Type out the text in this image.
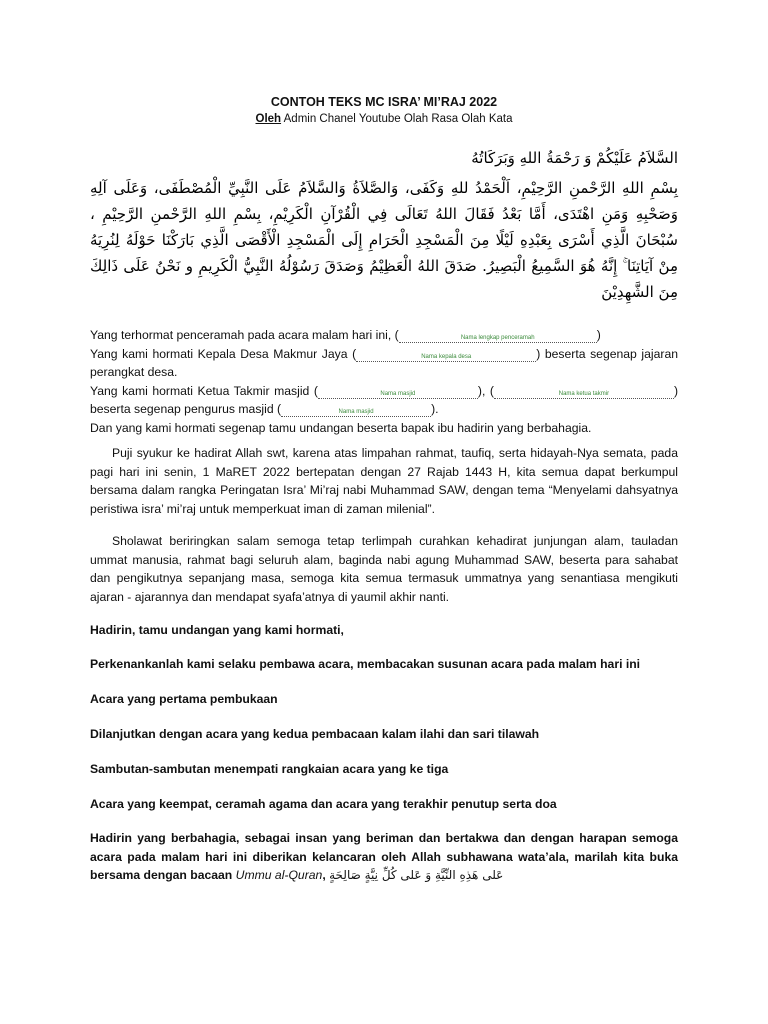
CONTOH TEKS MC ISRA’ MI’RAJ 2022
Oleh Admin Chanel Youtube Olah Rasa Olah Kata
السَّلاَمُ عَلَيْكُمْ وَ رَحْمَةُ اللهِ وَبَرَكَاتُهُ
بِسْمِ اللهِ الرَّحْمنِ الرَّحِيْمِ، اَلْحَمْدُ للهِ وَكَفَى، وَالصَّلاَةُ وَالسَّلاَمُ عَلَى النَّبِيِّ الْمُصْطَفَى، وَعَلَى آلِهِ وَصَحْبِهِ وَمَنِ اهْتَدَى، أَمَّا بَعْدُ فَقَالَ اللهُ تَعَالَى فِي الْقُرْآنِ الْكَرِيْمِ، بِسْمِ اللهِ الرَّحْمنِ الرَّحِيْمِ ، سُبْحَانَ الَّذِي أَسْرَى بِعَبْدِهِ لَيْلًا مِنَ الْمَسْجِدِ الْحَرَامِ إِلَى الْمَسْجِدِ الْأَقْصَى الَّذِي بَارَكْنَا حَوْلَهُ لِنُرِيَهُ مِنْ آيَاتِنَا ۚ إِنَّهُ هُوَ السَّمِيعُ الْبَصِيرُ. صَدَقَ اللهُ الْعَظِيْمُ وَصَدَقَ رَسُوْلُهُ النَّبِيُّ الْكَرِيمِ و نَحْنُ عَلَى ذَالِكَ مِنَ الشَّهِدِيْنَ

Yang terhormat penceramah pada acara malam hari ini, (	Nama lengkap penceramah	)

Yang kami hormati Kepala Desa Makmur Jaya (	Nama kepala desa	) beserta segenap jajaran perangkat desa.

Yang kami hormati Ketua Takmir masjid (	Nama masjid	), (	Nama ketua takmir	) beserta segenap pengurus masjid (	Nama masjid	).

Dan yang kami hormati segenap tamu undangan beserta bapak ibu hadirin yang berbahagia.

Puji syukur ke hadirat Allah swt, karena atas limpahan rahmat, taufiq, serta hidayah-Nya semata, pada pagi hari ini senin, 1 MaRET 2022 bertepatan dengan 27 Rajab 1443 H, kita semua dapat berkumpul bersama dalam rangka Peringatan Isra’ Mi’raj nabi Muhammad SAW, dengan tema “Menyelami dahsyatnya peristiwa isra’ mi’raj untuk memperkuat iman di zaman milenial”.

Sholawat beriringkan salam semoga tetap terlimpah curahkan kehadirat junjungan alam, tauladan ummat manusia, rahmat bagi seluruh alam, baginda nabi agung Muhammad SAW, beserta para sahabat dan pengikutnya sepanjang masa, semoga kita semua termasuk ummatnya yang senantiasa mengikuti ajaran - ajarannya dan mendapat syafa’atnya di yaumil akhir nanti.

Hadirin, tamu undangan yang kami hormati,
Perkenankanlah kami selaku pembawa acara, membacakan susunan acara pada malam hari ini
Acara yang pertama pembukaan
Dilanjutkan dengan acara yang kedua pembacaan kalam ilahi dan sari tilawah
Sambutan-sambutan menempati rangkaian acara yang ke tiga
Acara yang keempat, ceramah agama dan acara yang terakhir penutup serta doa

Hadirin yang berbahagia, sebagai insan yang beriman dan bertakwa dan dengan harapan semoga acara pada malam hari ini diberikan kelancaran oleh Allah subhawana wata’ala, marilah kita buka bersama dengan bacaan Ummu al-Quran, عَلى هَذِهِ النِّيَّةِ وَ عَلى كُلِّ نِيَّةٍ صَالِحَةٍ
